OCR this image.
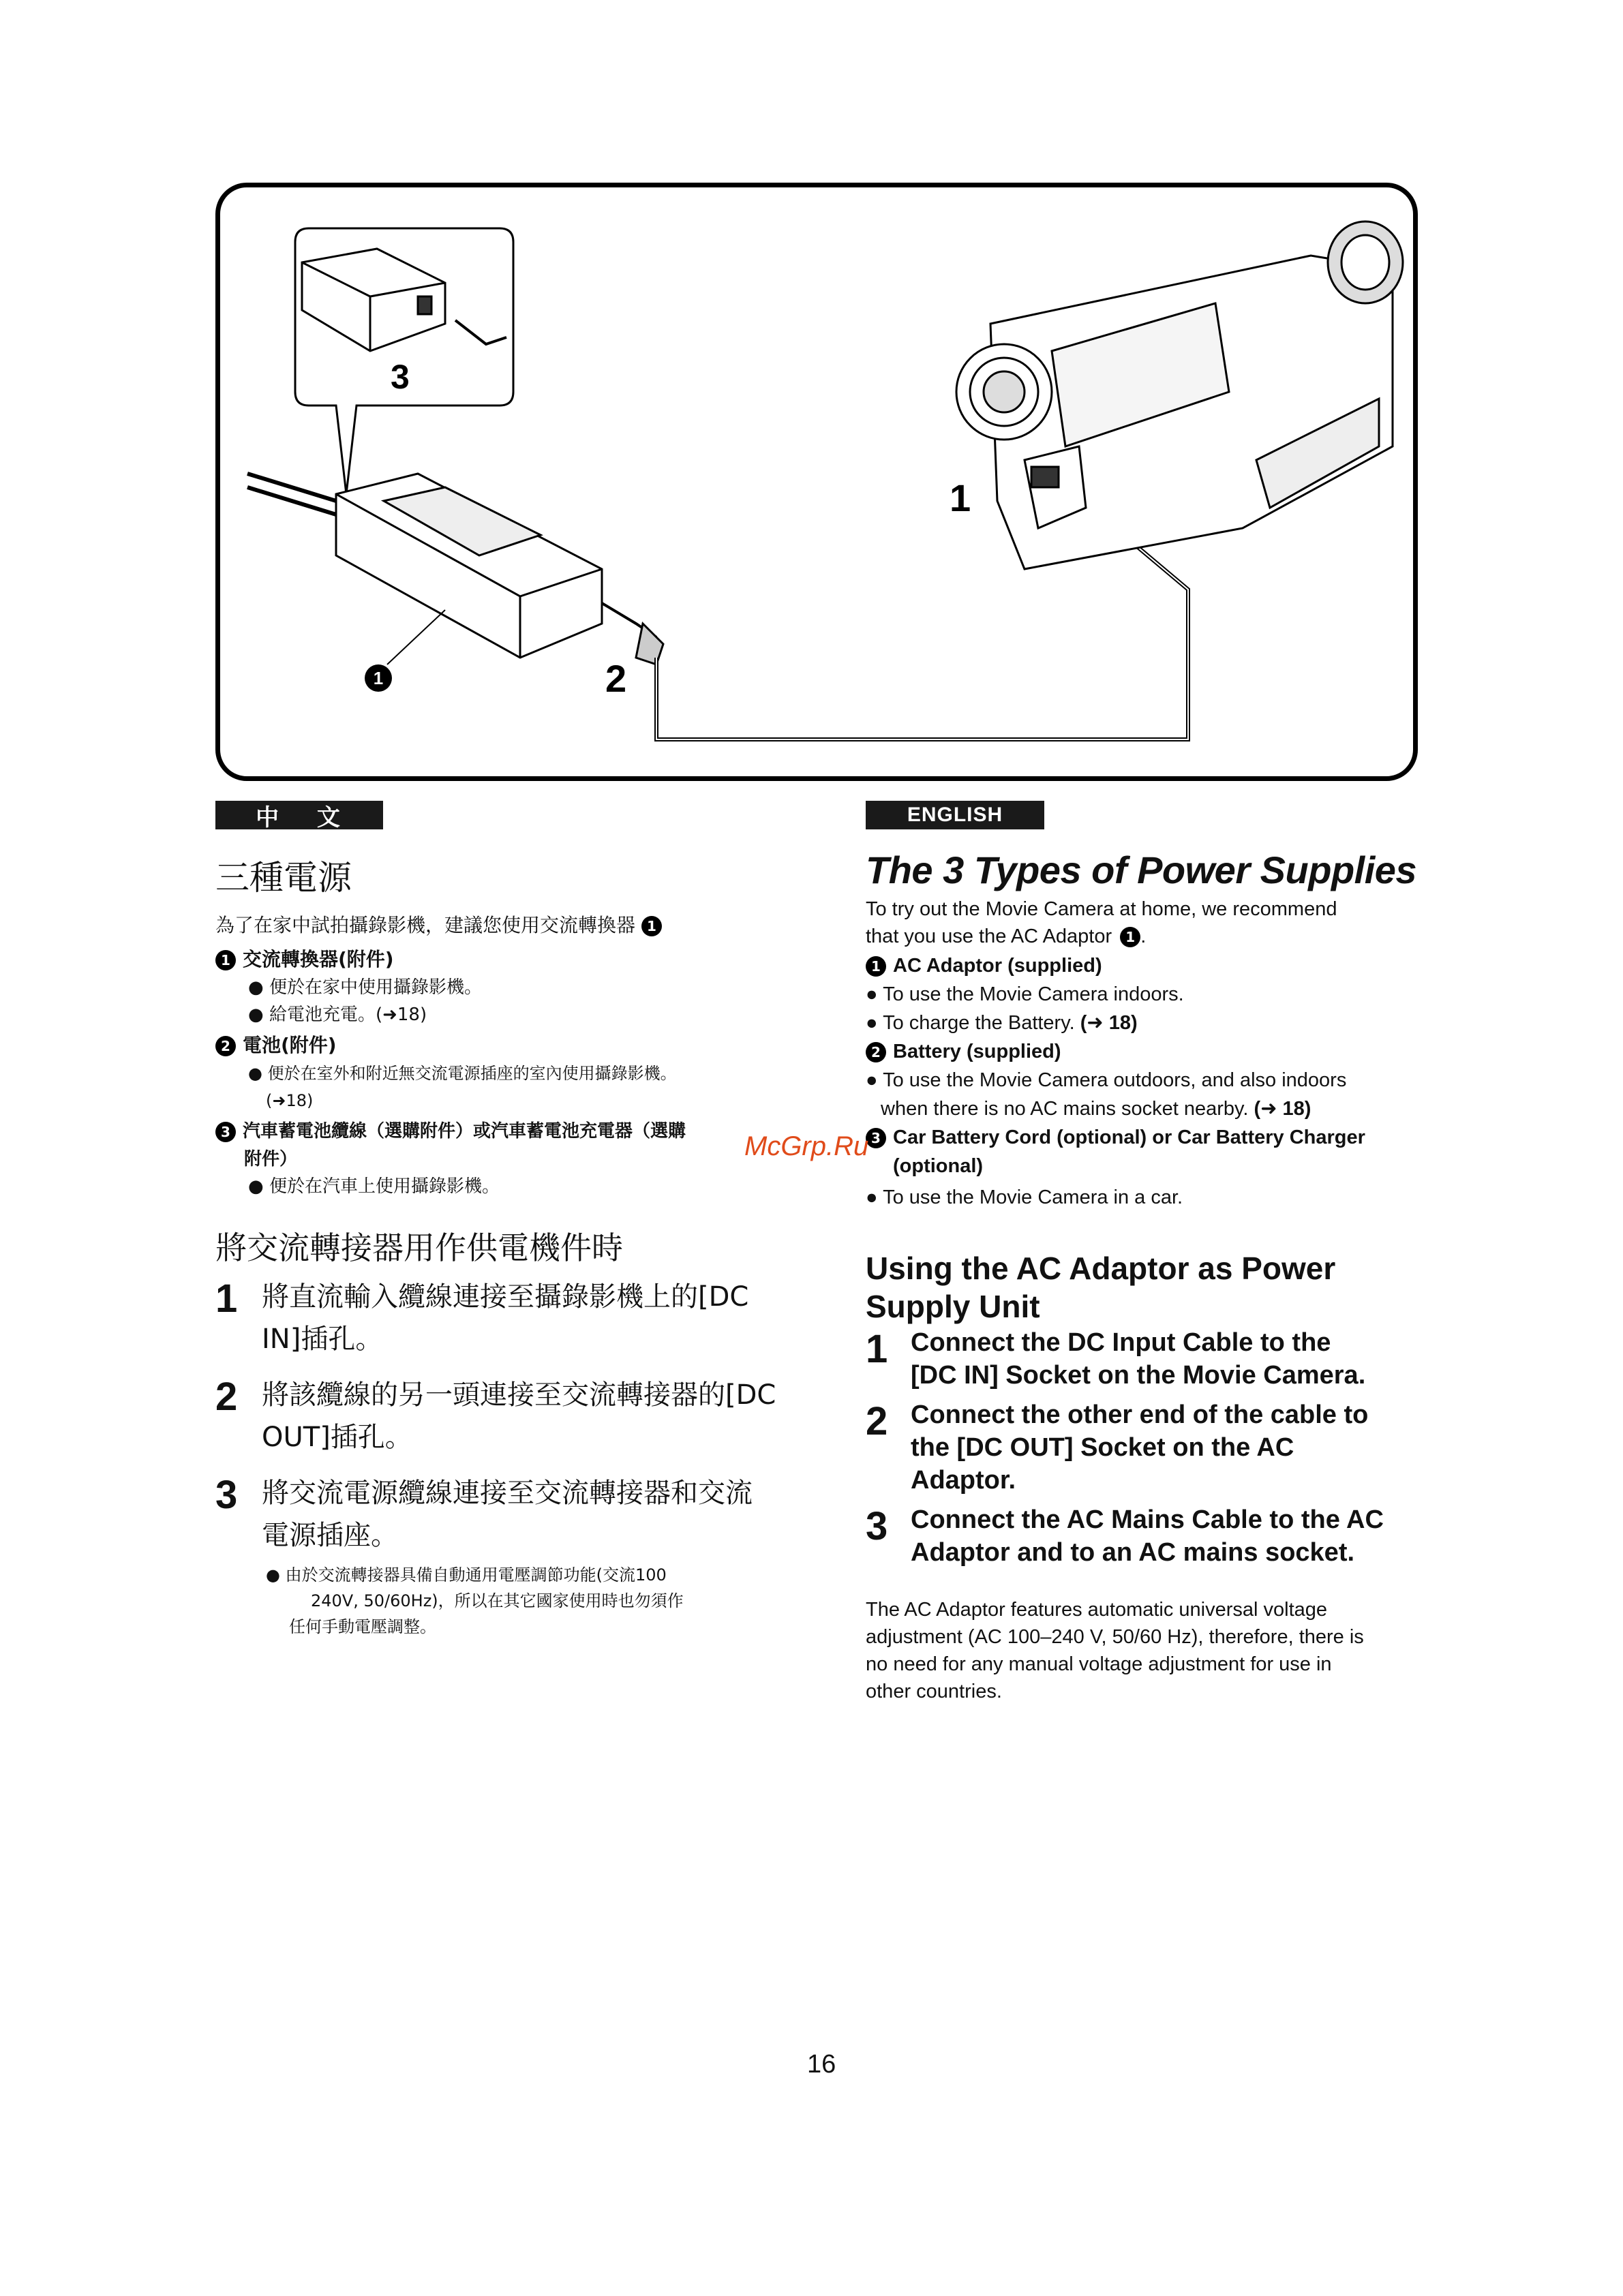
3
1	2
1
中 文
三種電源
為了在家中試拍攝錄影機，建議您使用交流轉換器 1
1 交流轉換器(附件)
● 便於在家中使用攝錄影機。
● 給電池充電。(➜18)
2 電池(附件)
● 便於在室外和附近無交流電源插座的室內使用攝錄影機。
(➜18)
3 汽車蓄電池纜線（選購附件）或汽車蓄電池充電器（選購
附件）
● 便於在汽車上使用攝錄影機。
將交流轉接器用作供電機件時
1 將直流輸入纜線連接至攝錄影機上的[DC
IN]插孔。
2 將該纜線的另一頭連接至交流轉接器的[DC
OUT]插孔。
3 將交流電源纜線連接至交流轉接器和交流
電源插座。
● 由於交流轉接器具備自動通用電壓調節功能(交流100
240V, 50/60Hz)，所以在其它國家使用時也勿須作
任何手動電壓調整。
ENGLISH
The 3 Types of Power Supplies
To try out the Movie Camera at home, we recommend
that you use the AC Adaptor 1 .
1 AC Adaptor (supplied)
● To use the Movie Camera indoors.
● To charge the Battery. (➜ 18)
2 Battery (supplied)
● To use the Movie Camera outdoors, and also indoors
when there is no AC mains socket nearby. (➜ 18)
3 Car Battery Cord (optional) or Car Battery Charger
(optional)
● To use the Movie Camera in a car.
Using the AC Adaptor as Power Supply Unit
1 Connect the DC Input Cable to the
[DC IN] Socket on the Movie Camera.
2 Connect the other end of the cable to
the [DC OUT] Socket on the AC
Adaptor.
3 Connect the AC Mains Cable to the AC
Adaptor and to an AC mains socket.
The AC Adaptor features automatic universal voltage
adjustment (AC 100–240 V, 50/60 Hz), therefore, there is
no need for any manual voltage adjustment for use in
other countries.
McGrp.Ru
16
